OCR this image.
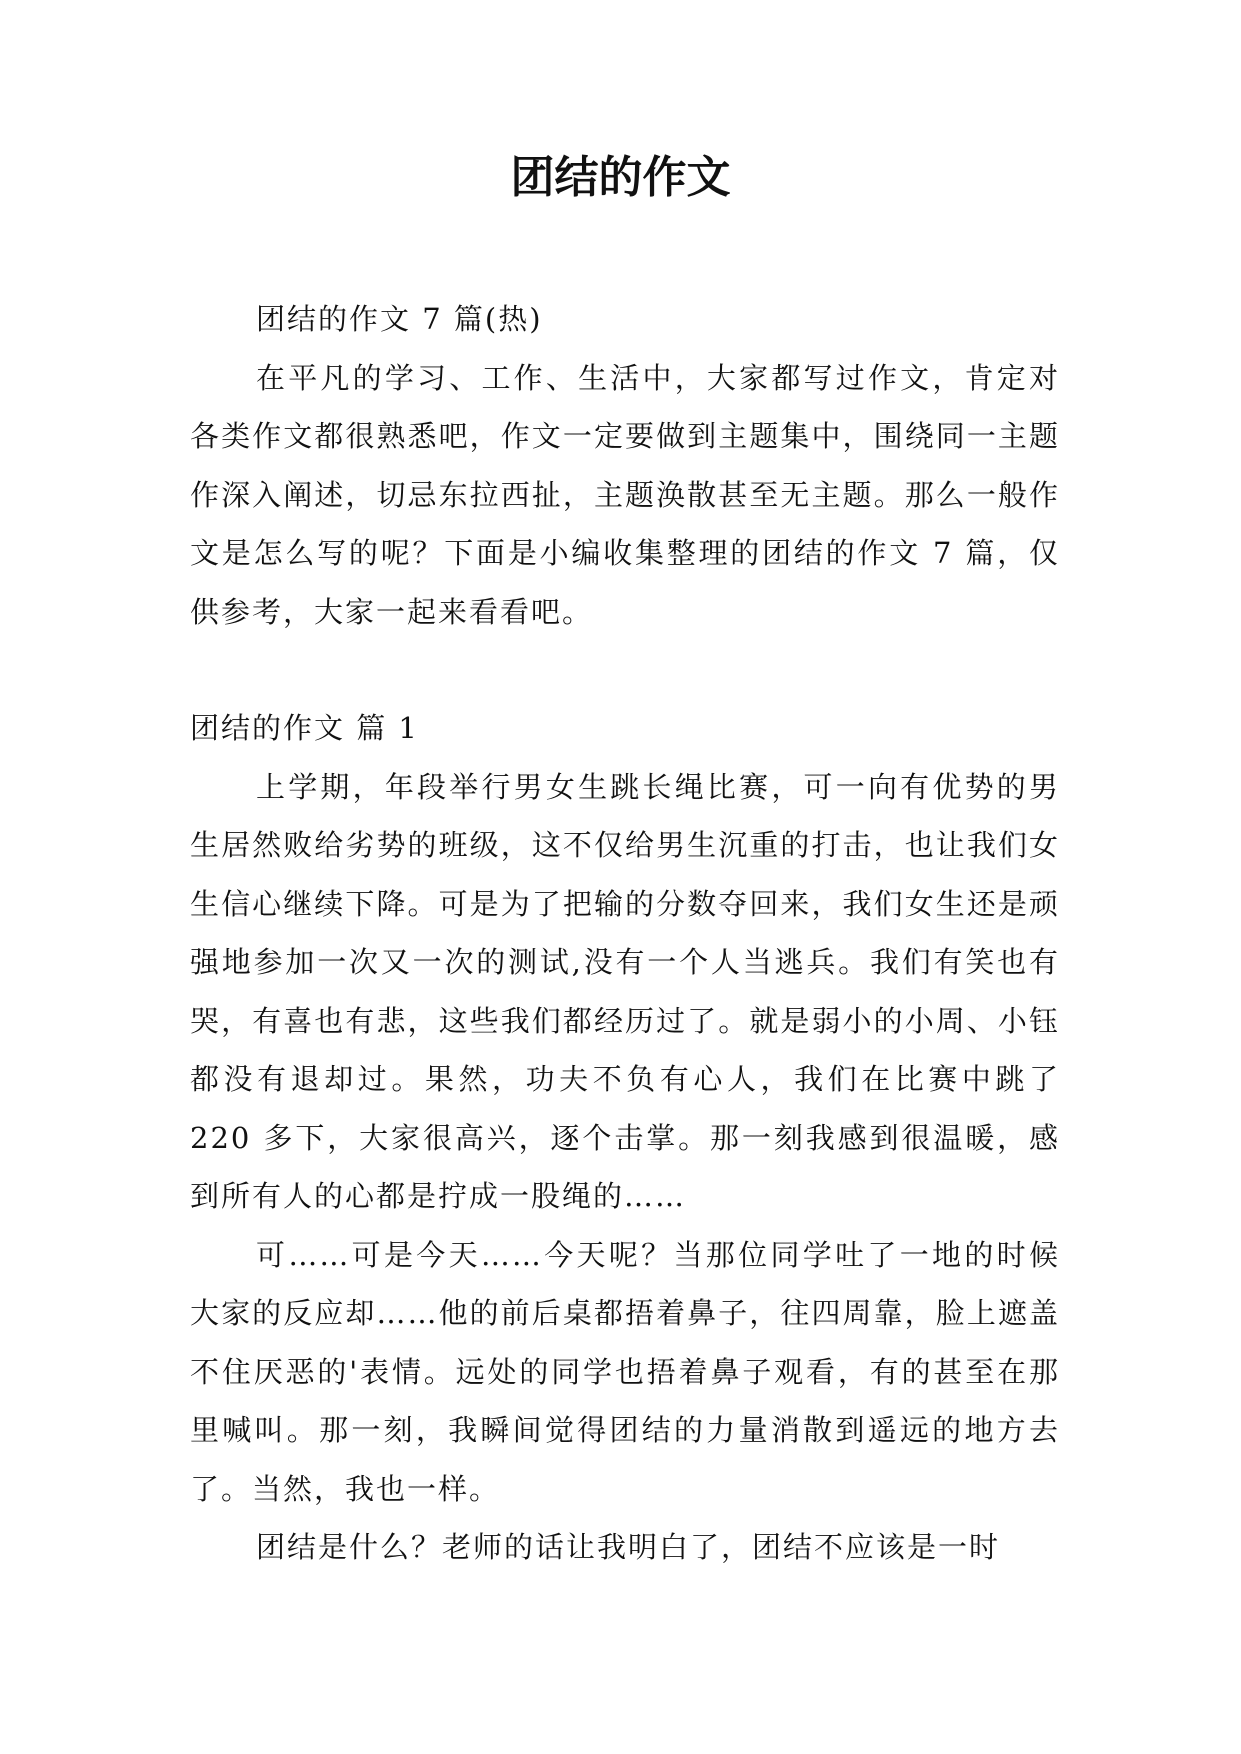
团结的作文

团结的作文 7 篇(热)

在平凡的学习、工作、生活中，大家都写过作文，肯定对各类作文都很熟悉吧，作文一定要做到主题集中，围绕同一主题作深入阐述，切忌东拉西扯，主题涣散甚至无主题。那么一般作文是怎么写的呢？下面是小编收集整理的团结的作文 7 篇，仅供参考，大家一起来看看吧。

团结的作文 篇 1

上学期，年段举行男女生跳长绳比赛，可一向有优势的男生居然败给劣势的班级，这不仅给男生沉重的打击，也让我们女生信心继续下降。可是为了把输的分数夺回来，我们女生还是顽强地参加一次又一次的测试,没有一个人当逃兵。我们有笑也有哭，有喜也有悲，这些我们都经历过了。就是弱小的小周、小钰都没有退却过。果然，功夫不负有心人，我们在比赛中跳了 220 多下，大家很高兴，逐个击掌。那一刻我感到很温暖，感到所有人的心都是拧成一股绳的……

可……可是今天……今天呢？当那位同学吐了一地的时候大家的反应却……他的前后桌都捂着鼻子，往四周靠，脸上遮盖不住厌恶的'表情。远处的同学也捂着鼻子观看，有的甚至在那里喊叫。那一刻，我瞬间觉得团结的力量消散到遥远的地方去了。当然，我也一样。

团结是什么？老师的话让我明白了，团结不应该是一时
